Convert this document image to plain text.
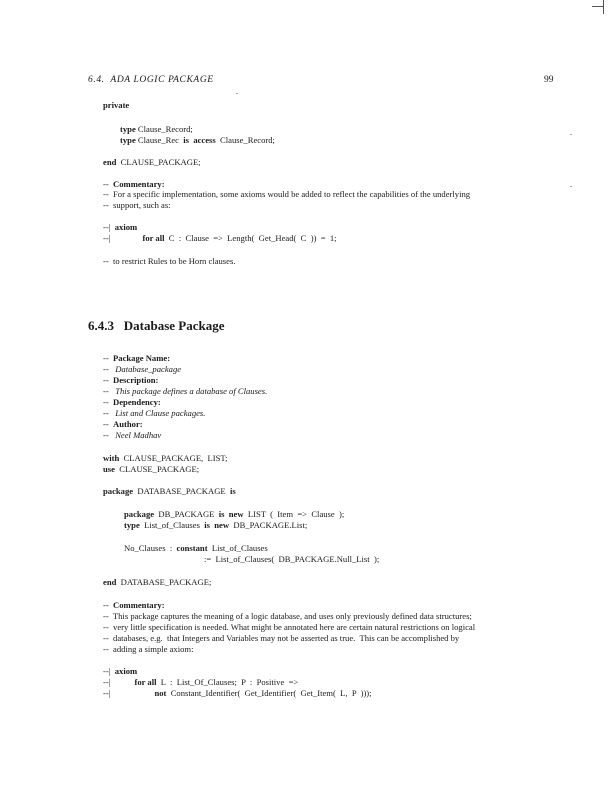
6.4.  ADA LOGIC PACKAGE	99
private
type Clause_Record;
type Clause_Rec is access Clause_Record;
end CLAUSE_PACKAGE;
-- Commentary:
-- For a specific implementation, some axioms would be added to reflect the capabilities of the underlying
-- support, such as:
--| axiom
--|	for all C  :  Clause  =>  Length(  Get_Head(  C  ))  =  1;
-- to restrict Rules to be Horn clauses.
6.4.3 Database Package
-- Package Name:
-- Database_package
-- Description:
-- This package defines a database of Clauses.
-- Dependency:
-- List and Clause packages.
-- Author:
-- Neel Madhav
with CLAUSE_PACKAGE,  LIST;
use CLAUSE_PACKAGE;
package DATABASE_PACKAGE is
package DB_PACKAGE is new LIST  (  Item  =>  Clause  );
type List_of_Clauses is new DB_PACKAGE.List;
No_Clauses  : constant List_of_Clauses
:=  List_of_Clauses(  DB_PACKAGE.Null_List  );
end DATABASE_PACKAGE;
-- Commentary:
-- This package captures the meaning of a logic database, and uses only previously defined data structures;
-- very little specification is needed. What might be annotated here are certain natural restrictions on logical
-- databases, e.g.  that Integers and Variables may not be asserted as true.  This can be accomplished by
-- adding a simple axiom:
--| axiom
--|	for all L  :  List_Of_Clauses;  P  :  Positive  =>
--|	not Constant_Identifier(  Get_Identifier(  Get_Item(  L,  P  )));
